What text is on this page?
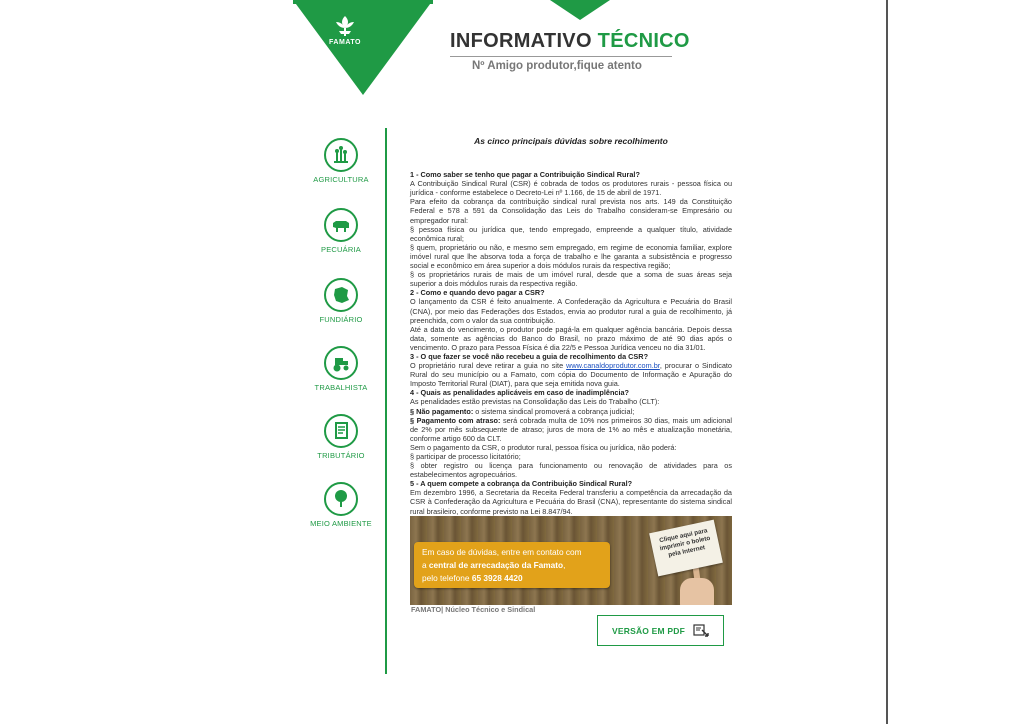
FAMATO	INFORMATIVO TÉCNICO
Nº Amigo produtor,fique atento
AGRICULTURA
PECUÁRIA
FUNDIÁRIO
TRABALHISTA
TRIBUTÁRIO
MEIO AMBIENTE
As cinco principais dúvidas sobre recolhimento

1 - Como saber se tenho que pagar a Contribuição Sindical Rural?

A Contribuição Sindical Rural (CSR) é cobrada de todos os produtores rurais - pessoa física ou jurídica - conforme estabelece o Decreto-Lei nº 1.166, de 15 de abril de 1971.

Para efeito da cobrança da contribuição sindical rural prevista nos arts. 149 da Constituição Federal e 578 a 591 da Consolidação das Leis do Trabalho consideram-se Empresário ou empregador rural:

§ pessoa física ou jurídica que, tendo empregado, empreende a qualquer título, atividade econômica rural;

§ quem, proprietário ou não, e mesmo sem empregado, em regime de economia familiar, explore imóvel rural que lhe absorva toda a força de trabalho e lhe garanta a subsistência e progresso social e econômico em área superior a dois módulos rurais da respectiva região;

§ os proprietários rurais de mais de um imóvel rural, desde que a soma de suas áreas seja superior a dois módulos rurais da respectiva região.

2 - Como e quando devo pagar a CSR?

O lançamento da CSR é feito anualmente. A Confederação da Agricultura e Pecuária do Brasil (CNA), por meio das Federações dos Estados, envia ao produtor rural a guia de recolhimento, já preenchida, com o valor da sua contribuição.

Até a data do vencimento, o produtor pode pagá-la em qualquer agência bancária. Depois dessa data, somente as agências do Banco do Brasil, no prazo máximo de até 90 dias após o vencimento. O prazo para Pessoa Física é dia 22/5 e Pessoa Jurídica venceu no dia 31/01.

3 - O que fazer se você não recebeu a guia de recolhimento da CSR?

O proprietário rural deve retirar a guia no site www.canaldoprodutor.com.br, procurar o Sindicato Rural do seu município ou a Famato, com cópia do Documento de Informação e Apuração do Imposto Territorial Rural (DIAT), para que seja emitida nova guia.

4 - Quais as penalidades aplicáveis em caso de inadimplência?

As penalidades estão previstas na Consolidação das Leis do Trabalho (CLT):

§ Não pagamento: o sistema sindical promoverá a cobrança judicial;

§ Pagamento com atraso: será cobrada multa de 10% nos primeiros 30 dias, mais um adicional de 2% por mês subsequente de atraso; juros de mora de 1% ao mês e atualização monetária, conforme artigo 600 da CLT.

Sem o pagamento da CSR, o produtor rural, pessoa física ou jurídica, não poderá:

§ participar de processo licitatório;

§ obter registro ou licença para funcionamento ou renovação de atividades para os estabelecimentos agropecuários.

5 - A quem compete a cobrança da Contribuição Sindical Rural?

Em dezembro 1996, a Secretaria da Receita Federal transferiu a competência da arrecadação da CSR à Confederação da Agricultura e Pecuária do Brasil (CNA), representante do sistema sindical rural brasileiro, conforme previsto na Lei 8.847/94.

Em caso de dúvidas, entre em contato com
a central de arrecadação da Famato,
pelo telefone 65 3928 4420
Clique aqui para imprimir o boleto pela Internet
FAMATO| Núcleo Técnico e Sindical
VERSÃO EM PDF
